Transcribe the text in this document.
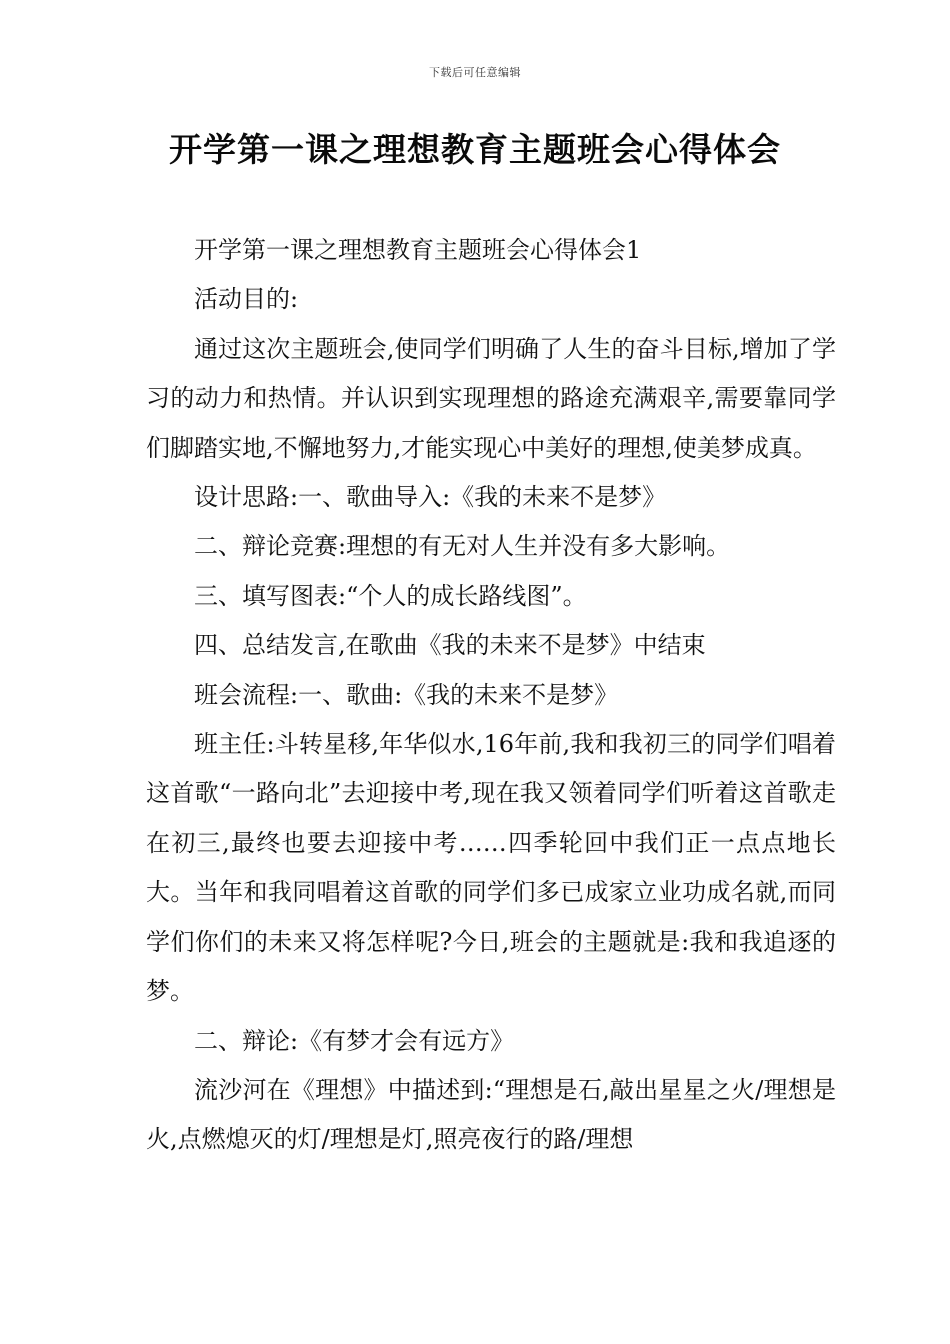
下载后可任意编辑
开学第一课之理想教育主题班会心得体会

开学第一课之理想教育主题班会心得体会1

活动目的:

通过这次主题班会,使同学们明确了人生的奋斗目标,增加了学习的动力和热情。并认识到实现理想的路途充满艰辛,需要靠同学们脚踏实地,不懈地努力,才能实现心中美好的理想,使美梦成真。

设计思路:一、歌曲导入:《我的未来不是梦》

二、辩论竞赛:理想的有无对人生并没有多大影响。

三、填写图表:“个人的成长路线图”。

四、总结发言,在歌曲《我的未来不是梦》中结束

班会流程:一、歌曲:《我的未来不是梦》

班主任:斗转星移,年华似水,16年前,我和我初三的同学们唱着这首歌“一路向北”去迎接中考,现在我又领着同学们听着这首歌走在初三,最终也要去迎接中考……四季轮回中我们正一点点地长大。当年和我同唱着这首歌的同学们多已成家立业功成名就,而同学们你们的未来又将怎样呢?今日,班会的主题就是:我和我追逐的梦。

二、辩论:《有梦才会有远方》

流沙河在《理想》中描述到:“理想是石,敲出星星之火/理想是火,点燃熄灭的灯/理想是灯,照亮夜行的路/理想
